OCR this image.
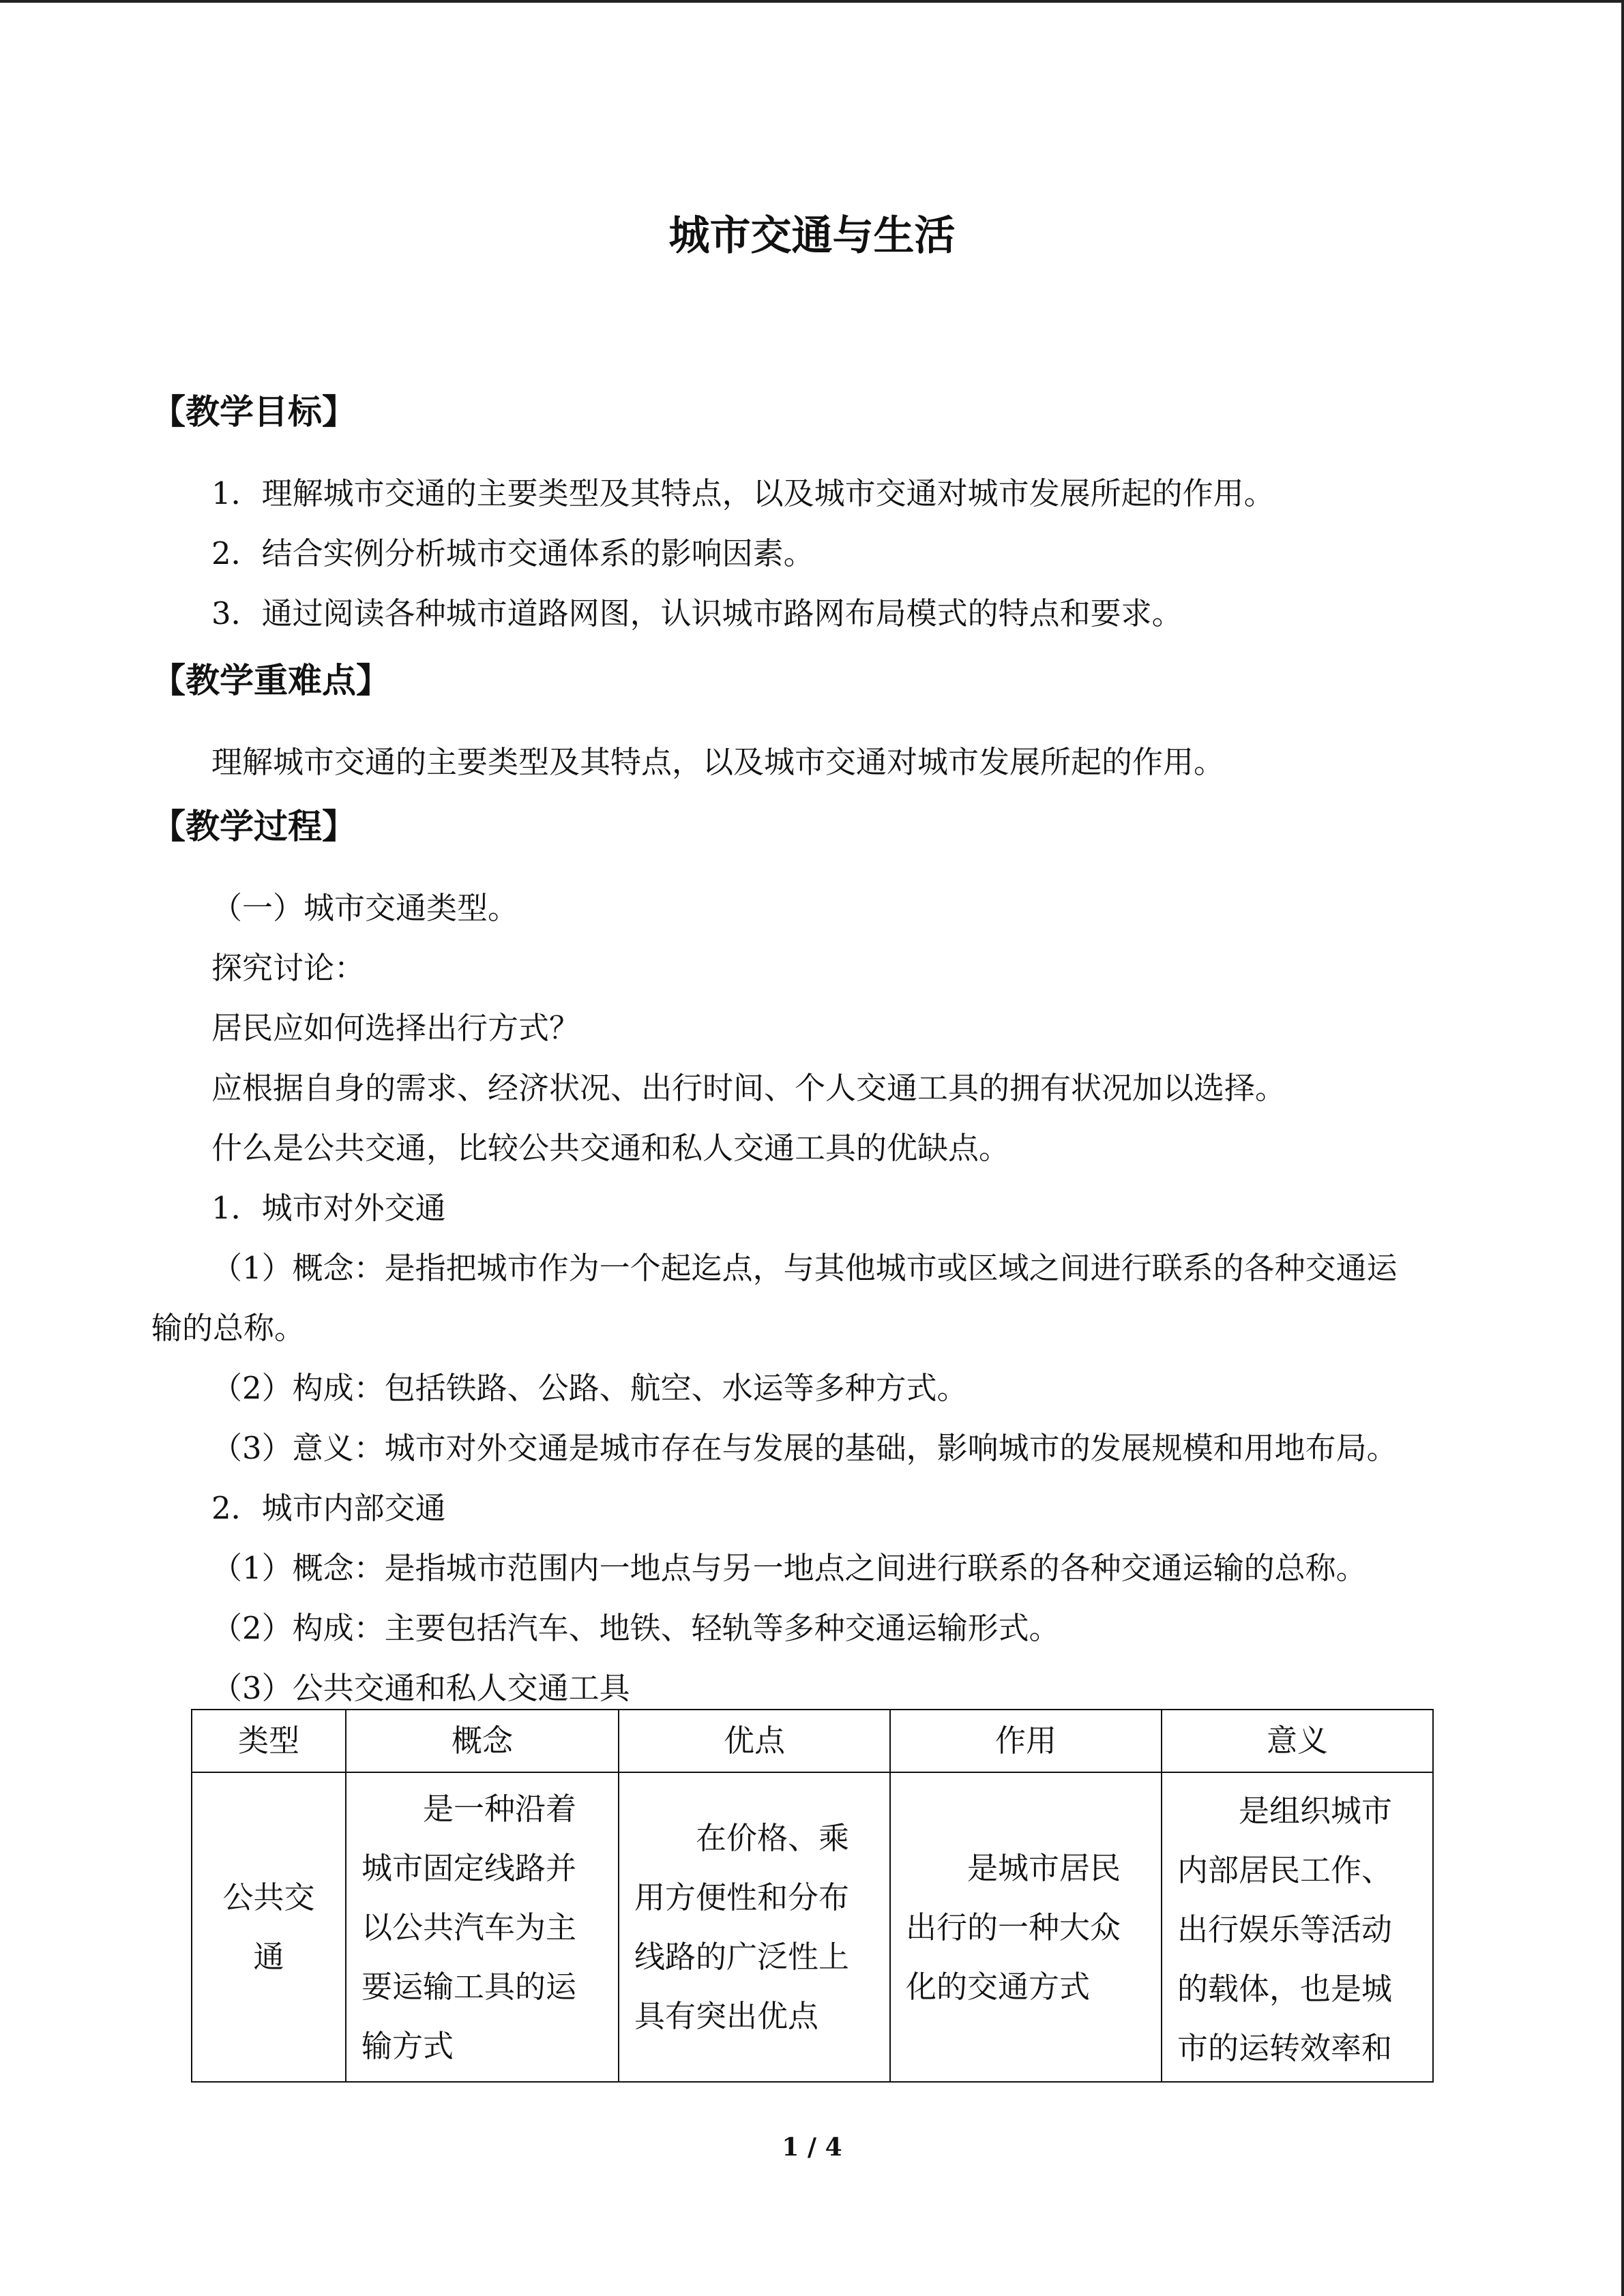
城市交通与生活
【教学目标】
1．理解城市交通的主要类型及其特点，以及城市交通对城市发展所起的作用。
2．结合实例分析城市交通体系的影响因素。
3．通过阅读各种城市道路网图，认识城市路网布局模式的特点和要求。
【教学重难点】
理解城市交通的主要类型及其特点，以及城市交通对城市发展所起的作用。
【教学过程】
（一）城市交通类型。
探究讨论：
居民应如何选择出行方式？
应根据自身的需求、经济状况、出行时间、个人交通工具的拥有状况加以选择。
什么是公共交通，比较公共交通和私人交通工具的优缺点。
1．城市对外交通
（1）概念：是指把城市作为一个起迄点，与其他城市或区域之间进行联系的各种交通运
输的总称。
（2）构成：包括铁路、公路、航空、水运等多种方式。
（3）意义：城市对外交通是城市存在与发展的基础，影响城市的发展规模和用地布局。
2．城市内部交通
（1）概念：是指城市范围内一地点与另一地点之间进行联系的各种交通运输的总称。
（2）构成：主要包括汽车、地铁、轻轨等多种交通运输形式。
（3）公共交通和私人交通工具
类型	概念	优点	作用	意义
公共交通	是一种沿着城市固定线路并以公共汽车为主要运输工具的运输方式	在价格、乘用方便性和分布线路的广泛性上具有突出优点	是城市居民出行的一种大众化的交通方式	是组织城市内部居民工作、出行娱乐等活动的载体，也是城市的运转效率和
1 / 4
